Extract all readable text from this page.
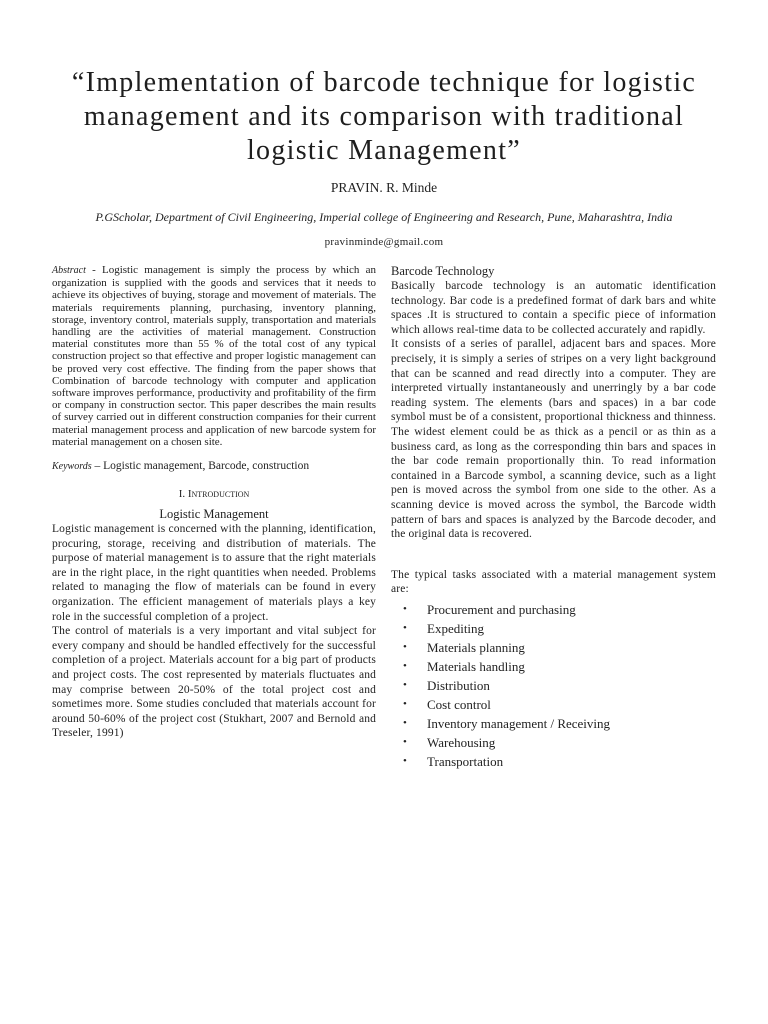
“Implementation of barcode technique for logistic management and its comparison with traditional logistic Management”
PRAVIN. R. Minde
P.GScholar, Department of Civil Engineering, Imperial college of Engineering and Research, Pune, Maharashtra, India
pravinminde@gmail.com

Abstract - Logistic management is simply the process by which an organization is supplied with the goods and services that it needs to achieve its objectives of buying, storage and movement of materials. The materials requirements planning, purchasing, inventory planning, storage, inventory control, materials supply, transportation and materials handling are the activities of material management. Construction material constitutes more than 55 % of the total cost of any typical construction project so that effective and proper logistic management can be proved very cost effective. The finding from the paper shows that Combination of barcode technology with computer and application software improves performance, productivity and profitability of the firm or company in construction sector. This paper describes the main results of survey carried out in different construction companies for their current material management process and application of new barcode system for material management on a chosen site.

Keywords – Logistic management, Barcode, construction

I. Introduction
Logistic Management

Logistic management is concerned with the planning, identification, procuring, storage, receiving and distribution of materials. The purpose of material management is to assure that the right materials are in the right place, in the right quantities when needed. Problems related to managing the flow of materials can be found in every organization. The efficient management of materials plays a key role in the successful completion of a project.

The control of materials is a very important and vital subject for every company and should be handled effectively for the successful completion of a project. Materials account for a big part of products and project costs. The cost represented by materials fluctuates and may comprise between 20-50% of the total project cost and sometimes more. Some studies concluded that materials account for around 50-60% of the project cost (Stukhart, 2007 and Bernold and Treseler, 1991)

Barcode Technology

Basically barcode technology is an automatic identification technology. Bar code is a predefined format of dark bars and white spaces .It is structured to contain a specific piece of information which allows real-time data to be collected accurately and rapidly.

It consists of a series of parallel, adjacent bars and spaces. More precisely, it is simply a series of stripes on a very light background that can be scanned and read directly into a computer. They are interpreted virtually instantaneously and unerringly by a bar code reading system. The elements (bars and spaces) in a bar code symbol must be of a consistent, proportional thickness and thinness. The widest element could be as thick as a pencil or as thin as a business card, as long as the corresponding thin bars and spaces in the bar code remain proportionally thin. To read information contained in a Barcode symbol, a scanning device, such as a light pen is moved across the symbol from one side to the other. As a scanning device is moved across the symbol, the Barcode width pattern of bars and spaces is analyzed by the Barcode decoder, and the original data is recovered.

The typical tasks associated with a material management system are:

• Procurement and purchasing
• Expediting
• Materials planning
• Materials handling
• Distribution
• Cost control
• Inventory management / Receiving
• Warehousing
• Transportation
